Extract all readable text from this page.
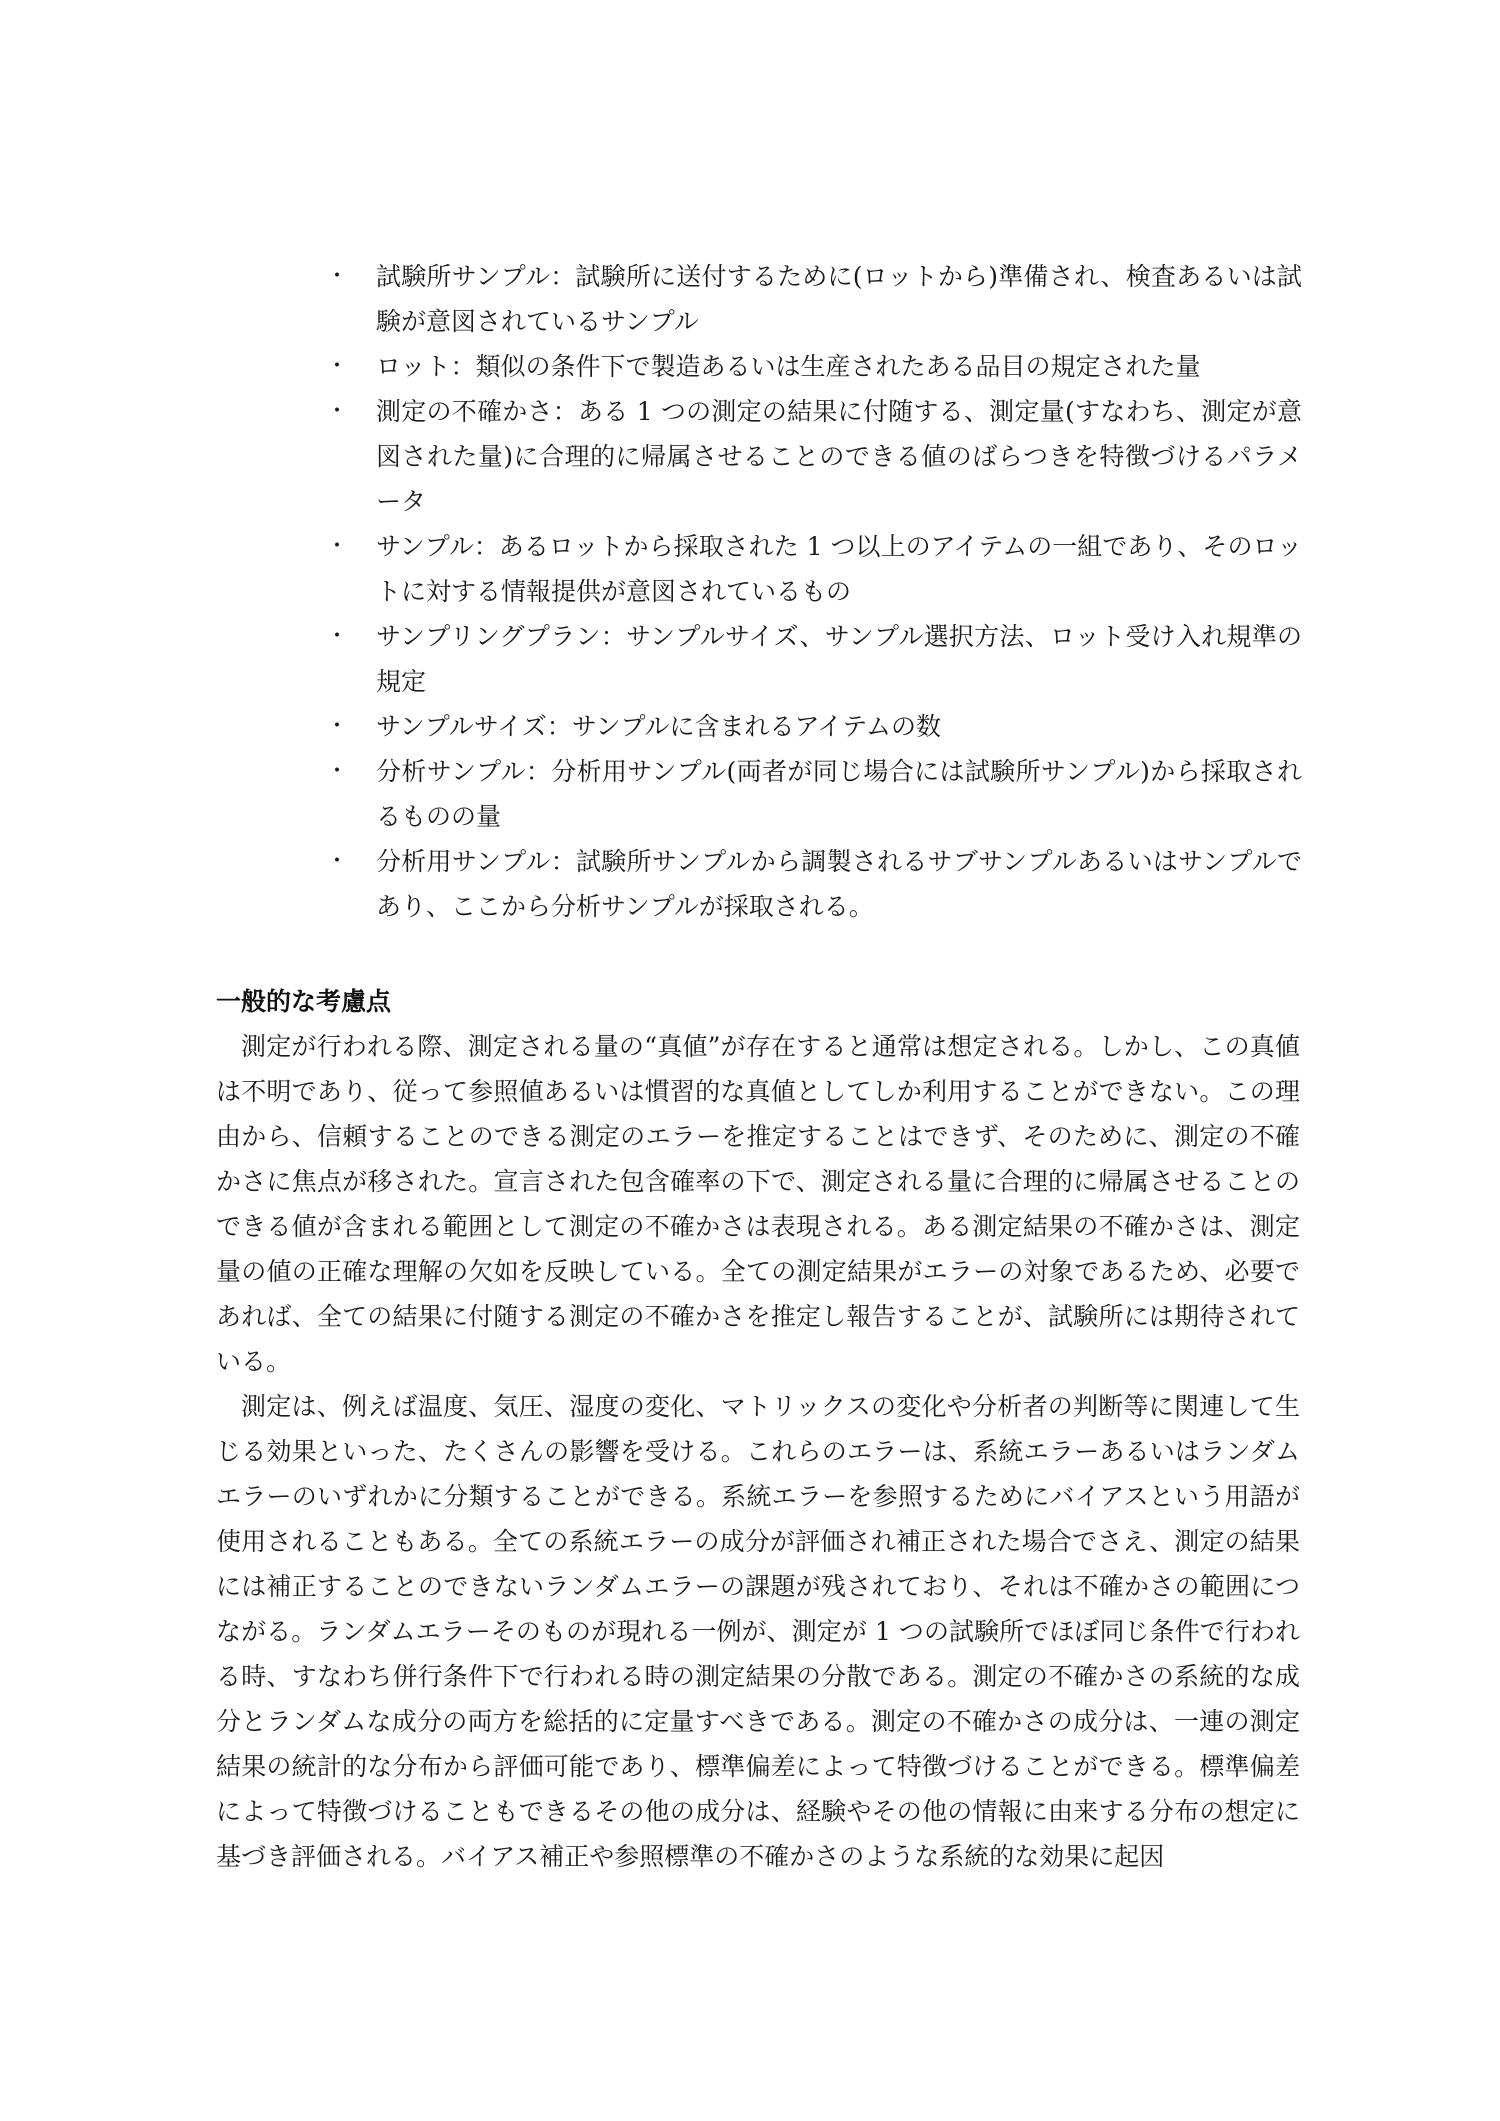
・ 試験所サンプル：試験所に送付するために(ロットから)準備され、検査あるいは試験が意図されているサンプル
・ ロット：類似の条件下で製造あるいは生産されたある品目の規定された量
・ 測定の不確かさ：ある 1 つの測定の結果に付随する、測定量(すなわち、測定が意図された量)に合理的に帰属させることのできる値のばらつきを特徴づけるパラメータ
・ サンプル：あるロットから採取された 1 つ以上のアイテムの一組であり、そのロットに対する情報提供が意図されているもの
・ サンプリングプラン：サンプルサイズ、サンプル選択方法、ロット受け入れ規準の規定
・ サンプルサイズ：サンプルに含まれるアイテムの数
・ 分析サンプル：分析用サンプル(両者が同じ場合には試験所サンプル)から採取されるものの量
・ 分析用サンプル：試験所サンプルから調製されるサブサンプルあるいはサンプルであり、ここから分析サンプルが採取される。
一般的な考慮点

測定が行われる際、測定される量の“真値”が存在すると通常は想定される。しかし、この真値は不明であり、従って参照値あるいは慣習的な真値としてしか利用することができない。この理由から、信頼することのできる測定のエラーを推定することはできず、そのために、測定の不確かさに焦点が移された。宣言された包含確率の下で、測定される量に合理的に帰属させることのできる値が含まれる範囲として測定の不確かさは表現される。ある測定結果の不確かさは、測定量の値の正確な理解の欠如を反映している。全ての測定結果がエラーの対象であるため、必要であれば、全ての結果に付随する測定の不確かさを推定し報告することが、試験所には期待されている。

測定は、例えば温度、気圧、湿度の変化、マトリックスの変化や分析者の判断等に関連して生じる効果といった、たくさんの影響を受ける。これらのエラーは、系統エラーあるいはランダムエラーのいずれかに分類することができる。系統エラーを参照するためにバイアスという用語が使用されることもある。全ての系統エラーの成分が評価され補正された場合でさえ、測定の結果には補正することのできないランダムエラーの課題が残されており、それは不確かさの範囲につながる。ランダムエラーそのものが現れる一例が、測定が 1 つの試験所でほぼ同じ条件で行われる時、すなわち併行条件下で行われる時の測定結果の分散である。測定の不確かさの系統的な成分とランダムな成分の両方を総括的に定量すべきである。測定の不確かさの成分は、一連の測定結果の統計的な分布から評価可能であり、標準偏差によって特徴づけることができる。標準偏差によって特徴づけることもできるその他の成分は、経験やその他の情報に由来する分布の想定に基づき評価される。バイアス補正や参照標準の不確かさのような系統的な効果に起因
